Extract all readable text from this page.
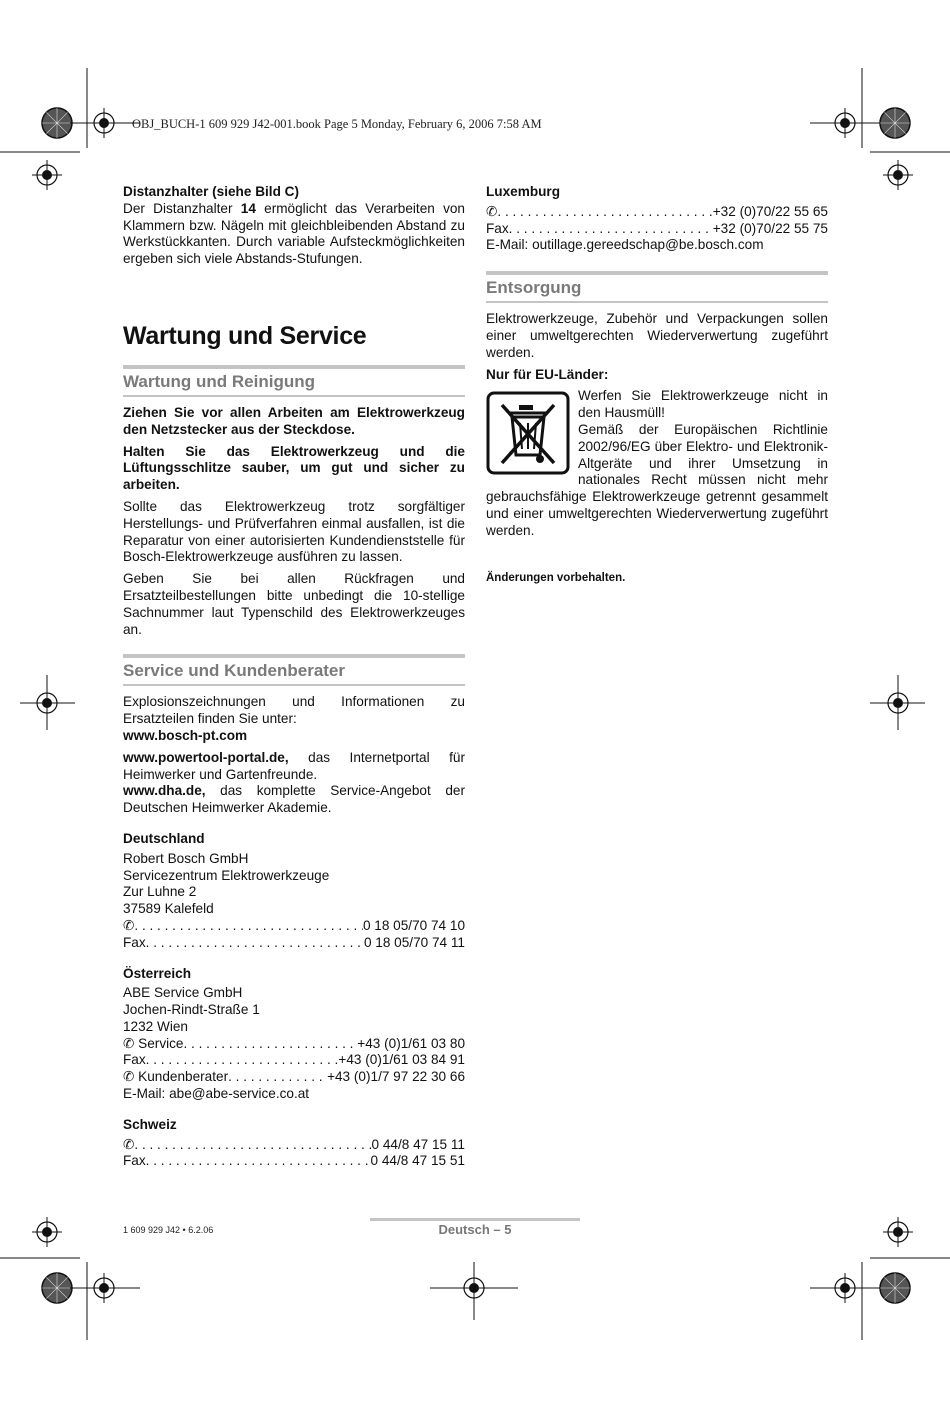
OBJ_BUCH-1 609 929 J42-001.book Page 5 Monday, February 6, 2006 7:58 AM

Distanzhalter (siehe Bild C)

Der Distanzhalter 14 ermöglicht das Verarbeiten von Klammern bzw. Nägeln mit gleichbleibenden Abstand zu Werkstückkanten. Durch variable Aufsteckmöglichkeiten ergeben sich viele Abstands-Stufungen.

Wartung und Service
Wartung und Reinigung

Ziehen Sie vor allen Arbeiten am Elektrowerkzeug den Netzstecker aus der Steckdose.

Halten Sie das Elektrowerkzeug und die Lüftungsschlitze sauber, um gut und sicher zu arbeiten.

Sollte das Elektrowerkzeug trotz sorgfältiger Herstellungs- und Prüfverfahren einmal ausfallen, ist die Reparatur von einer autorisierten Kundendienststelle für Bosch-Elektrowerkzeuge ausführen zu lassen.

Geben Sie bei allen Rückfragen und Ersatzteilbestellungen bitte unbedingt die 10-stellige Sachnummer laut Typenschild des Elektrowerkzeuges an.

Service und Kundenberater

Explosionszeichnungen und Informationen zu Ersatzteilen finden Sie unter:

www.bosch-pt.com

www.powertool-portal.de, das Internetportal für Heimwerker und Gartenfreunde.

www.dha.de, das komplette Service-Angebot der Deutschen Heimwerker Akademie.

Deutschland

Robert Bosch GmbH

Servicezentrum Elektrowerkzeuge

Zur Luhne 2

37589 Kalefeld

✆ . . .	0 18 05/70 74 10
Fax . . .	0 18 05/70 74 11

Österreich

ABE Service GmbH

Jochen-Rindt-Straße 1

1232 Wien

✆ Service . . .	+43 (0)1/61 03 80
Fax . . .	+43 (0)1/61 03 84 91
✆ Kundenberater . . .	+43 (0)1/7 97 22 30 66

E-Mail: abe@abe-service.co.at

Schweiz

✆ . . .	0 44/8 47 15 11
Fax . . .	0 44/8 47 15 51

Luxemburg

✆ . . .	+32 (0)70/22 55 65
Fax . . .	+32 (0)70/22 55 75

E-Mail: outillage.gereedschap@be.bosch.com

Entsorgung

Elektrowerkzeuge, Zubehör und Verpackungen sollen einer umweltgerechten Wiederverwertung zugeführt werden.

Nur für EU-Länder:

Werfen Sie Elektrowerkzeuge nicht in den Hausmüll!

Gemäß der Europäischen Richtlinie 2002/96/EG über Elektro- und Elektronik-Altgeräte und ihrer Umsetzung in nationales Recht müssen nicht mehr gebrauchsfähige Elektrowerkzeuge getrennt gesammelt und einer umweltgerechten Wiederverwertung zugeführt werden.

Änderungen vorbehalten.

1 609 929 J42 • 6.2.06	Deutsch – 5
